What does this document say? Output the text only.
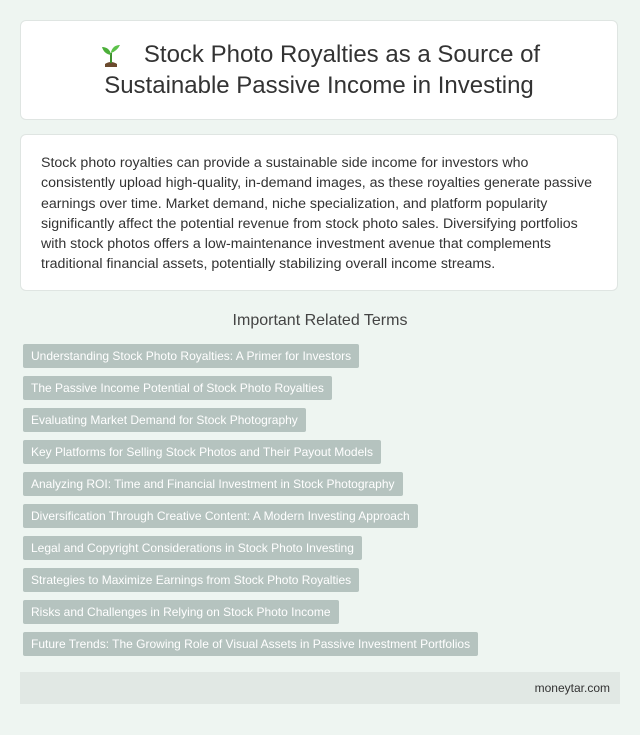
Stock Photo Royalties as a Source of
Sustainable Passive Income in Investing

Stock photo royalties can provide a sustainable side income for investors who consistently upload high-quality, in-demand images, as these royalties generate passive earnings over time. Market demand, niche specialization, and platform popularity significantly affect the potential revenue from stock photo sales. Diversifying portfolios with stock photos offers a low-maintenance investment avenue that complements traditional financial assets, potentially stabilizing overall income streams.

Important Related Terms
Understanding Stock Photo Royalties: A Primer for Investors
The Passive Income Potential of Stock Photo Royalties
Evaluating Market Demand for Stock Photography
Key Platforms for Selling Stock Photos and Their Payout Models
Analyzing ROI: Time and Financial Investment in Stock Photography
Diversification Through Creative Content: A Modern Investing Approach
Legal and Copyright Considerations in Stock Photo Investing
Strategies to Maximize Earnings from Stock Photo Royalties
Risks and Challenges in Relying on Stock Photo Income
Future Trends: The Growing Role of Visual Assets in Passive Investment Portfolios
moneytar.com
